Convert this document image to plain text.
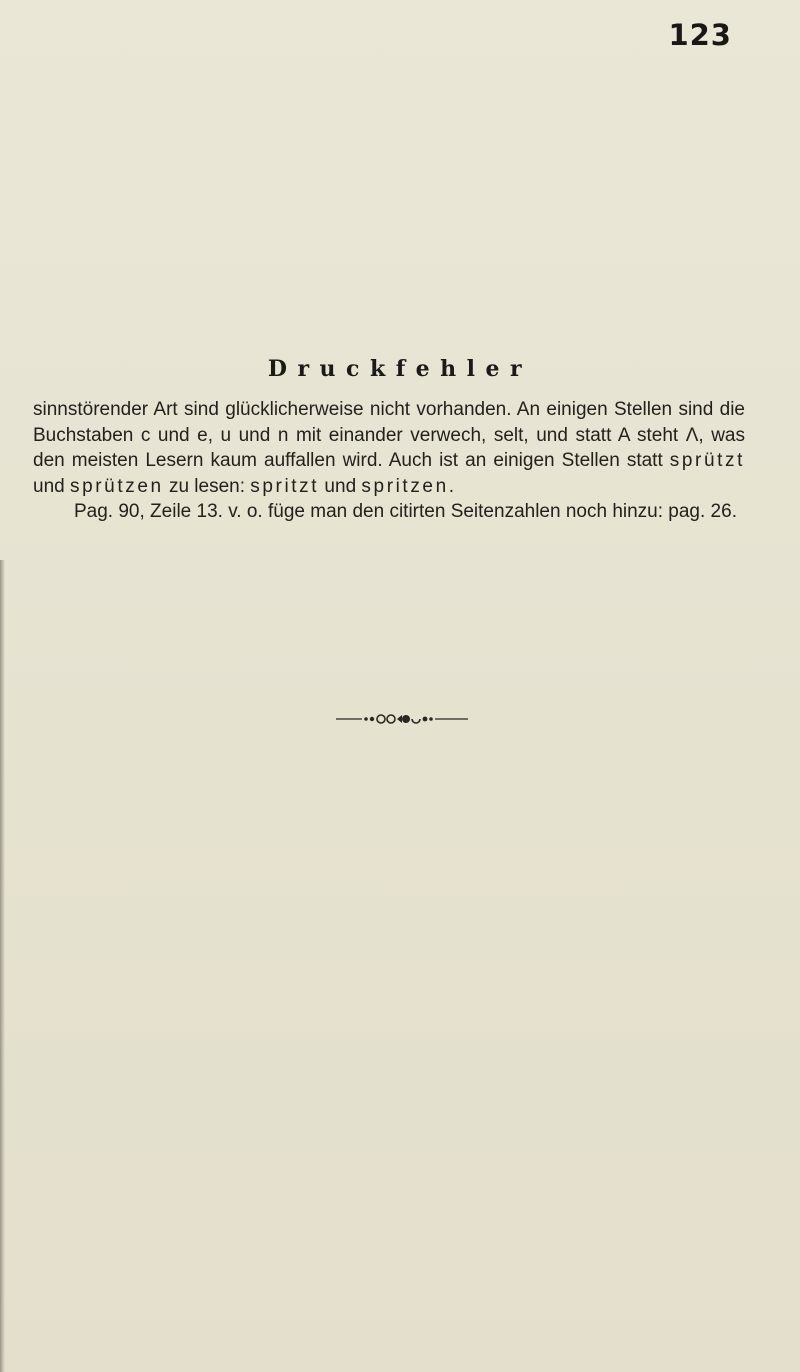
123
Druckfehler

sinnstörender Art sind glücklicherweise nicht vorhanden. An einigen Stellen sind die Buchstaben c und e, u und n mit einander verwech, selt, und statt A steht Λ, was den meisten Lesern kaum auffallen wird. Auch ist an einigen Stellen statt sprützt und sprützen zu lesen: spritzt und spritzen.

Pag. 90, Zeile 13. v. o. füge man den citirten Seitenzahlen noch hinzu: pag. 26.
